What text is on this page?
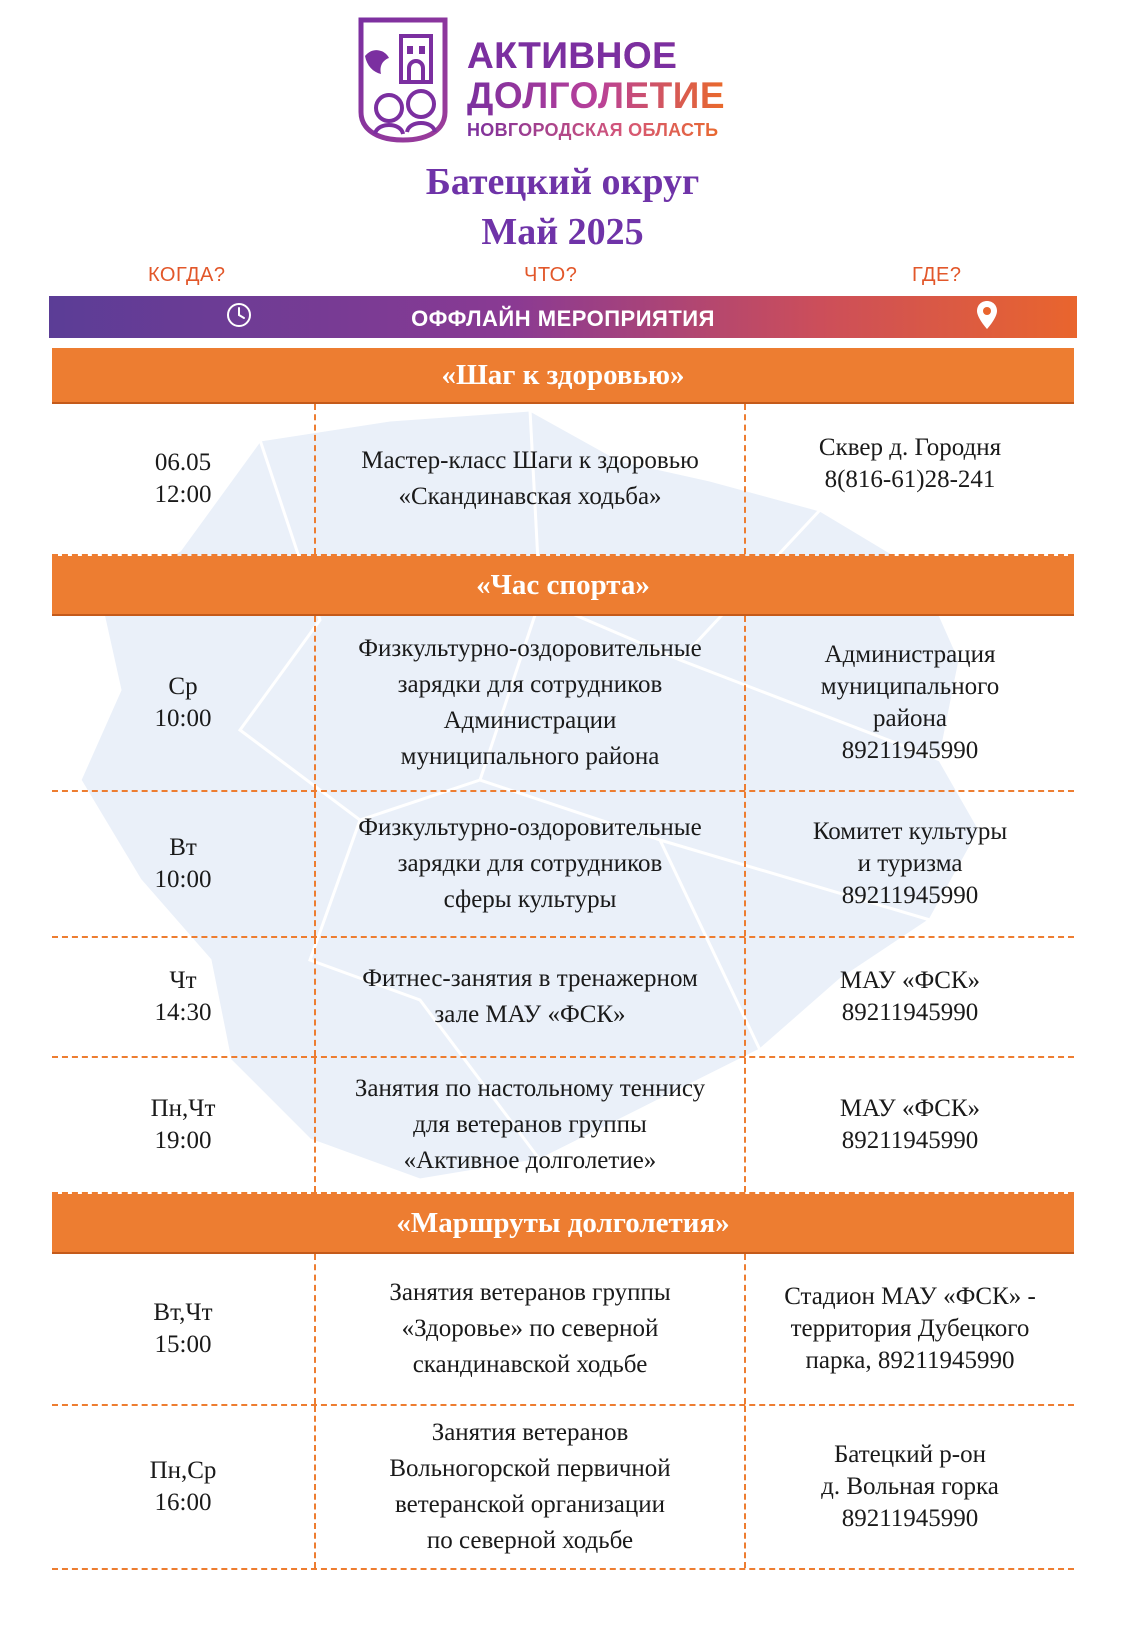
АКТИВНОЕ
ДОЛГОЛЕТИЕ
НОВГОРОДСКАЯ ОБЛАСТЬ
Батецкий округ
Май 2025
КОГДА?	ЧТО?	ГДЕ?
ОФФЛАЙН МЕРОПРИЯТИЯ
«Шаг к здоровью»
06.05
12:00
Мастер-класс Шаги к здоровью
«Скандинавская ходьба»
Сквер д. Городня
8(816-61)28-241
«Час спорта»
Ср
10:00
Физкультурно-оздоровительные
зарядки для сотрудников
Администрации
муниципального района
Администрация
муниципального
района
89211945990
Вт
10:00
Физкультурно-оздоровительные
зарядки для сотрудников
сферы культуры
Комитет культуры
и туризма
89211945990
Чт
14:30
Фитнес-занятия в тренажерном
зале МАУ «ФСК»
МАУ «ФСК»
89211945990
Пн,Чт
19:00
Занятия по настольному теннису
для ветеранов группы
«Активное долголетие»
МАУ «ФСК»
89211945990
«Маршруты долголетия»
Вт,Чт
15:00
Занятия ветеранов группы
«Здоровье» по северной
скандинавской ходьбе
Стадион МАУ «ФСК» -
территория Дубецкого
парка, 89211945990
Пн,Ср
16:00
Занятия ветеранов
Вольногорской первичной
ветеранской организации
по северной ходьбе
Батецкий р-он
д. Вольная горка
89211945990
